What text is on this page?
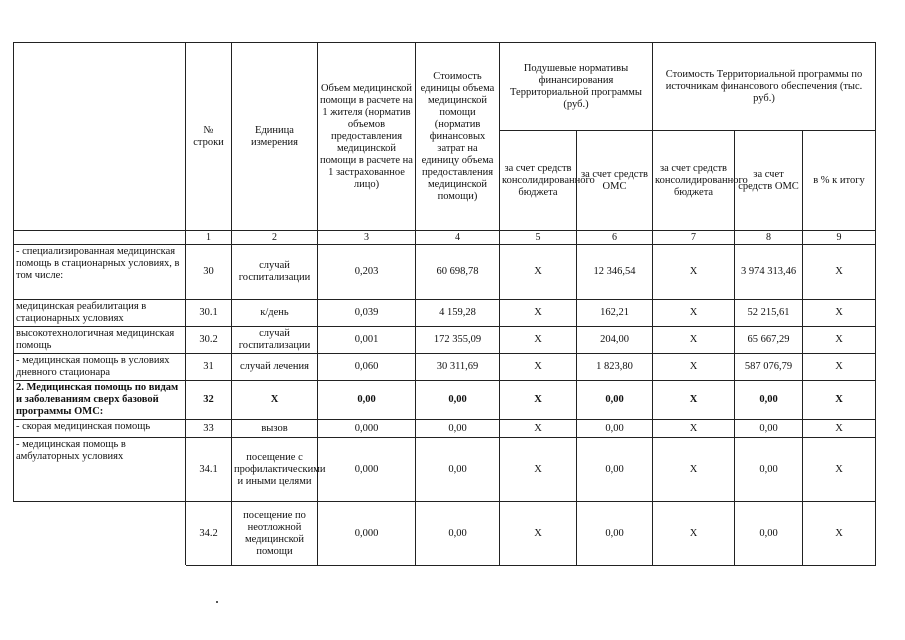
	№ строки	Единица измерения	Объем медицинской помощи в расчете на 1 жителя (норматив объемов предоставления медицинской помощи в расчете на 1 застрахованное лицо)	Стоимость единицы объема медицинской помощи (норматив финансовых затрат на единицу объема предоставления медицинской помощи)	Подушевые нормативы финансирования Территориальной программы (руб.)		Стоимость Территориальной программы по источникам финансового обеспечения (тыс. руб.)		
					за счет средств консолидированного бюджета	за счет средств ОМС	за счет средств консолидированного бюджета	за счет средств ОМС	в % к итогу
	1	2	3	4	5	6	7	8	9
- специализированная медицинская помощь в стационарных условиях, в том числе:	30	случай госпитализации	0,203	60 698,78	X	12 346,54	X	3 974 313,46	X
медицинская реабилитация в стационарных условиях	30.1	к/день	0,039	4 159,28	X	162,21	X	52 215,61	X
высокотехнологичная медицинская помощь	30.2	случай госпитализации	0,001	172 355,09	X	204,00	X	65 667,29	X
- медицинская помощь в условиях дневного стационара	31	случай лечения	0,060	30 311,69	X	1 823,80	X	587 076,79	X
2. Медицинская помощь по видам и заболеваниям сверх базовой программы ОМС:	32	X	0,00	0,00	X	0,00	X	0,00	X
- скорая медицинская помощь	33	вызов	0,000	0,00	X	0,00	X	0,00	X
- медицинская помощь в амбулаторных условиях	34.1	посещение с профилактическими и иными целями	0,000	0,00	X	0,00	X	0,00	X
	34.2	посещение по неотложной медицинской помощи	0,000	0,00	X	0,00	X	0,00	X
